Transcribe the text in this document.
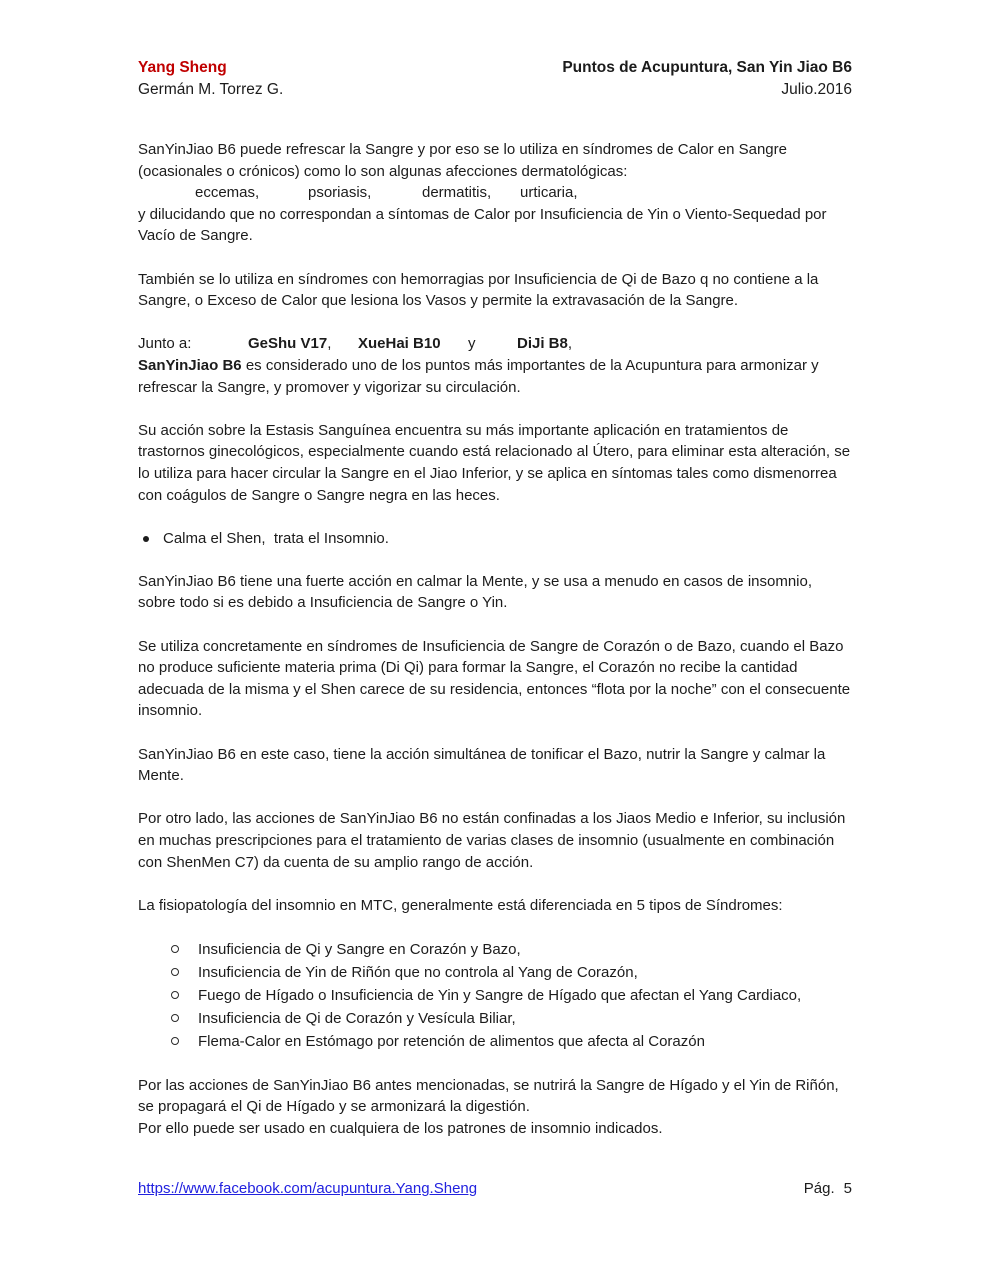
Yang Sheng	Puntos de Acupuntura, San Yin Jiao B6
Germán M. Torrez G.	Julio.2016

SanYinJiao B6 puede refrescar la Sangre y por eso se lo utiliza en síndromes de Calor en Sangre (ocasionales o crónicos) como lo son algunas afecciones dermatológicas:
eccemas,	psoriasis,	dermatitis, urticaria,
y dilucidando que no correspondan a síntomas de Calor por Insuficiencia de Yin o Viento-Sequedad por Vacío de Sangre.

También se lo utiliza en síndromes con hemorragias por Insuficiencia de Qi de Bazo q no contiene a la Sangre, o Exceso de Calor que lesiona los Vasos y permite la extravasación de la Sangre.

Junto a:	GeShu V17, XueHai B10 y	DiJi B8,
SanYinJiao B6 es considerado uno de los puntos más importantes de la Acupuntura para armonizar y refrescar la Sangre, y promover y vigorizar su circulación.

Su acción sobre la Estasis Sanguínea encuentra su más importante aplicación en tratamientos de trastornos ginecológicos, especialmente cuando está relacionado al Útero, para eliminar esta alteración, se lo utiliza para hacer circular la Sangre en el Jiao Inferior, y se aplica en síntomas tales como dismenorrea con coágulos de Sangre o Sangre negra en las heces.

Calma el Shen,  trata el Insomnio.

SanYinJiao B6 tiene una fuerte acción en calmar la Mente, y se usa a menudo en casos de insomnio, sobre todo si es debido a Insuficiencia de Sangre o Yin.

Se utiliza concretamente en síndromes de Insuficiencia de Sangre de Corazón o de Bazo, cuando el Bazo no produce suficiente materia prima (Di Qi) para formar la Sangre, el Corazón no recibe la cantidad adecuada de la misma y el Shen carece de su residencia, entonces “flota por la noche” con el consecuente insomnio.

SanYinJiao B6 en este caso, tiene la acción simultánea de tonificar el Bazo, nutrir la Sangre y calmar la Mente.

Por otro lado, las acciones de SanYinJiao B6 no están confinadas a los Jiaos Medio e Inferior, su inclusión en muchas prescripciones para el tratamiento de varias clases de insomnio (usualmente en combinación con ShenMen C7) da cuenta de su amplio rango de acción.

La fisiopatología del insomnio en MTC, generalmente está diferenciada en 5 tipos de Síndromes:

Insuficiencia de Qi y Sangre en Corazón y Bazo,
Insuficiencia de Yin de Riñón que no controla al Yang de Corazón,
Fuego de Hígado o Insuficiencia de Yin y Sangre de Hígado que afectan el Yang Cardiaco,
Insuficiencia de Qi de Corazón y Vesícula Biliar,
Flema-Calor en Estómago por retención de alimentos que afecta al Corazón

Por las acciones de SanYinJiao B6 antes mencionadas, se nutrirá la Sangre de Hígado y el Yin de Riñón, se propagará el Qi de Hígado y se armonizará la digestión.
Por ello puede ser usado en cualquiera de los patrones de insomnio indicados.

https://www.facebook.com/acupuntura.Yang.Sheng	Pág. 5
